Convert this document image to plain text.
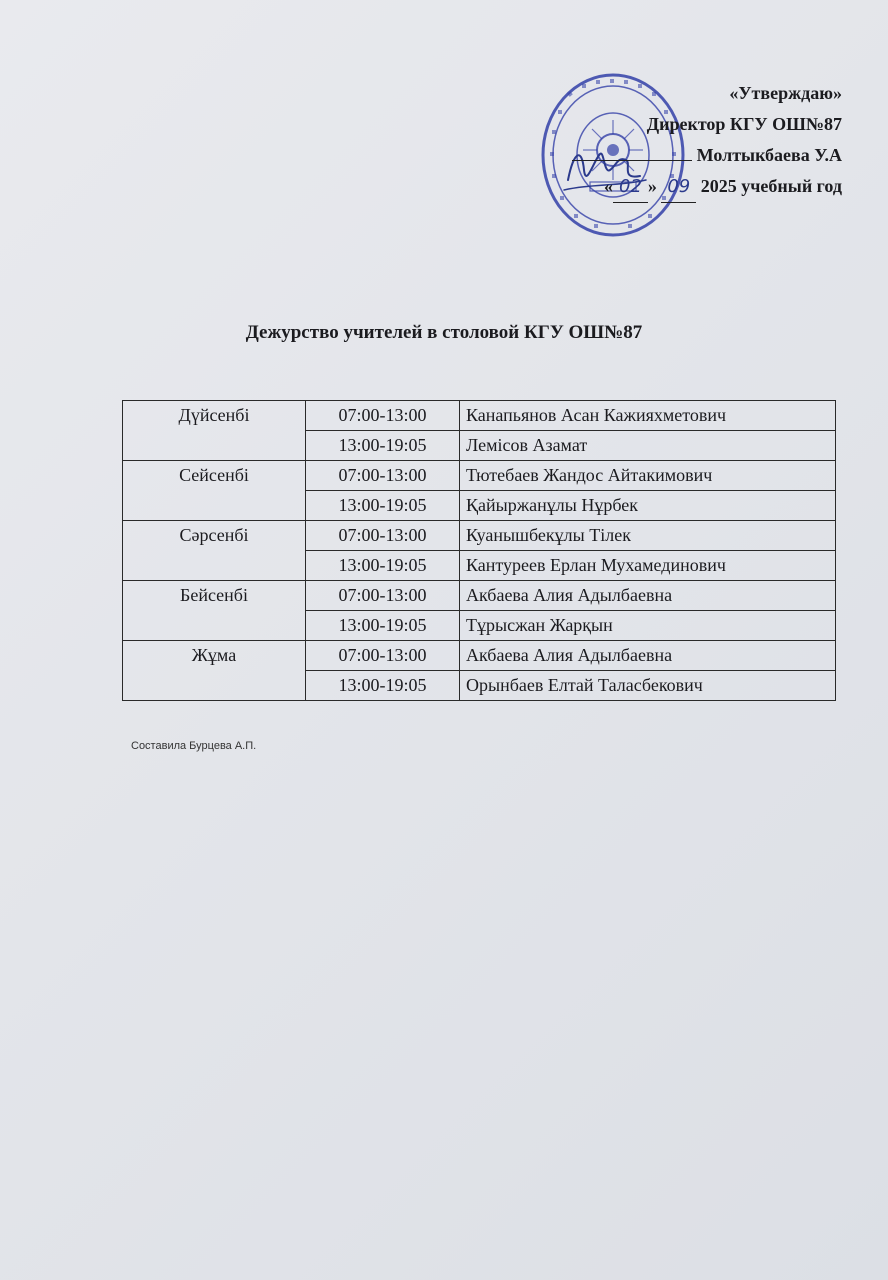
«Утверждаю»
Директор КГУ ОШ№87
Молтыкбаева У.А
« 02 » 09 2025 учебный год
Дежурство учителей в столовой КГУ ОШ№87
Дүйсенбі	07:00-13:00	Канапьянов Асан Кажияхметович
	13:00-19:05	Лемісов Азамат
Сейсенбі	07:00-13:00	Тютебаев Жандос Айтакимович
	13:00-19:05	Қайыржанұлы Нұрбек
Сәрсенбі	07:00-13:00	Куанышбекұлы Тілек
	13:00-19:05	Кантуреев Ерлан Мухамединович
Бейсенбі	07:00-13:00	Акбаева Алия Адылбаевна
	13:00-19:05	Тұрысжан Жарқын
Жұма	07:00-13:00	Акбаева Алия Адылбаевна
	13:00-19:05	Орынбаев Елтай Таласбекович
Составила Бурцева А.П.
